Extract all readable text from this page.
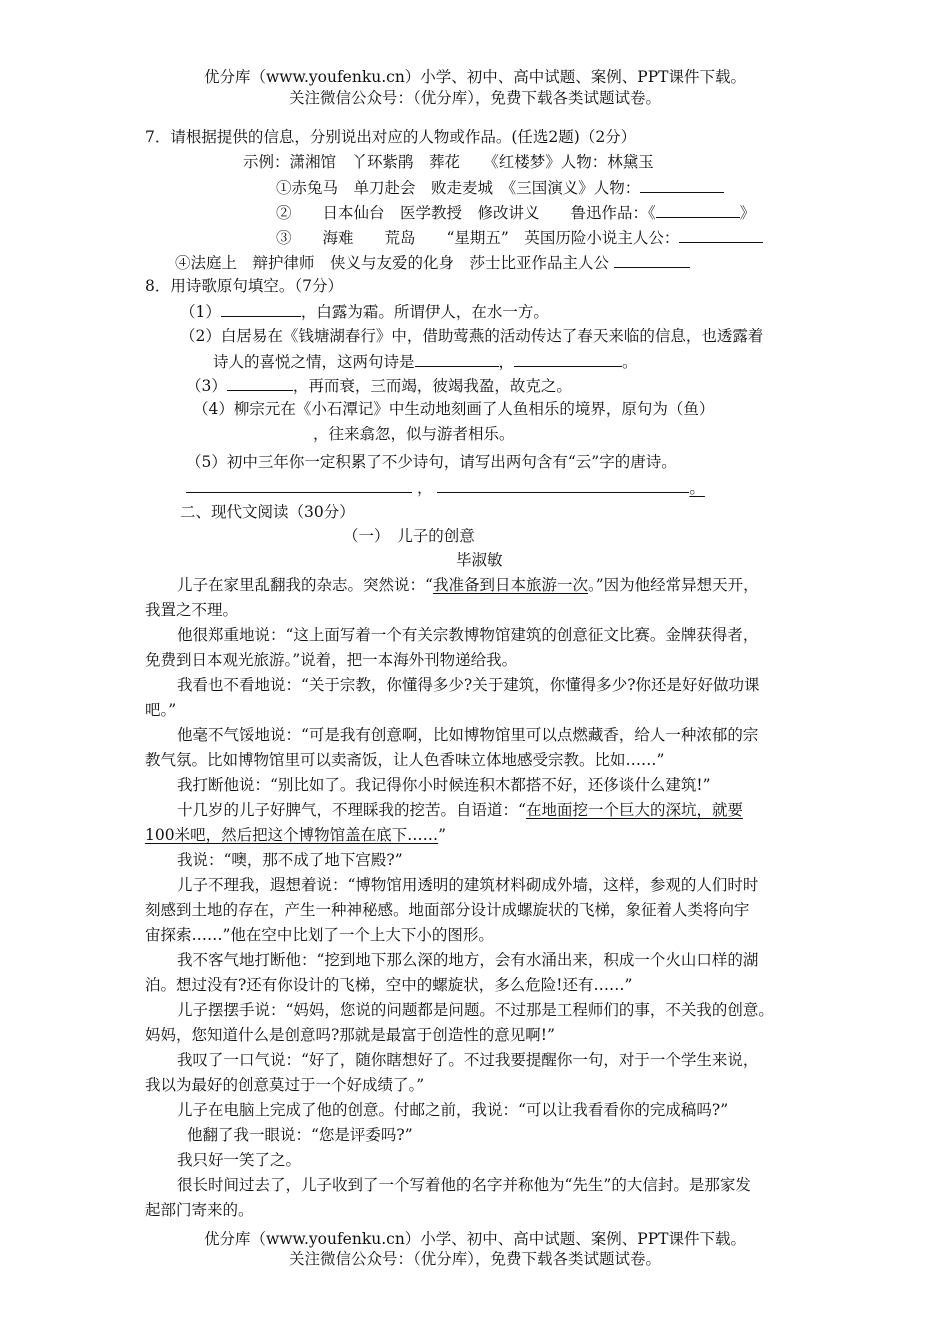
优分库（www.youfenku.cn）小学、初中、高中试题、案例、PPT课件下载。
关注微信公众号：（优分库），免费下载各类试题试卷。
7．请根据提供的信息，分别说出对应的人物或作品。(任选2题)（2分）
示例：潇湘馆　丫环紫鹃　葬花　　《红楼梦》人物：林黛玉
①赤兔马　单刀赴会　败走麦城　《三国演义》人物：
②　　日本仙台　医学教授　修改讲义　　鲁迅作品：《	》
③　　海难　　荒岛　　“星期五”　英国历险小说主人公：
④法庭上　辩护律师　侠义与友爱的化身　莎士比亚作品主人公
8．用诗歌原句填空。（7分）
（1）	，白露为霜。所谓伊人，在水一方。
（2）白居易在《钱塘湖春行》中，借助莺燕的活动传达了春天来临的信息，也透露着
诗人的喜悦之情，这两句诗是	，	。
（3）	，再而衰，三而竭，彼竭我盈，故克之。
（4）柳宗元在《小石潭记》中生动地刻画了人鱼相乐的境界，原句为（鱼）
，往来翕忽，似与游者相乐。
（5）初中三年你一定积累了不少诗句，请写出两句含有“云”字的唐诗。
，	。
二、现代文阅读（30分）
（一）　儿子的创意
毕淑敏
儿子在家里乱翻我的杂志。突然说：“我准备到日本旅游一次。”因为他经常异想天开，
我置之不理。
他很郑重地说：“这上面写着一个有关宗教博物馆建筑的创意征文比赛。金牌获得者，
免费到日本观光旅游。”说着，把一本海外刊物递给我。
我看也不看地说：“关于宗教，你懂得多少?关于建筑，你懂得多少?你还是好好做功课
吧。”
他毫不气馁地说：“可是我有创意啊，比如博物馆里可以点燃藏香，给人一种浓郁的宗
教气氛。比如博物馆里可以卖斋饭，让人色香味立体地感受宗教。比如……”
我打断他说：“别比如了。我记得你小时候连积木都搭不好，还侈谈什么建筑!”
十几岁的儿子好脾气，不理睬我的挖苦。自语道：“在地面挖一个巨大的深坑，就要
100米吧，然后把这个博物馆盖在底下……”
我说：“噢，那不成了地下宫殿?”
儿子不理我，遐想着说：“博物馆用透明的建筑材料砌成外墙，这样，参观的人们时时
刻感到土地的存在，产生一种神秘感。地面部分设计成螺旋状的飞梯，象征着人类将向宇
宙探索……”他在空中比划了一个上大下小的图形。
我不客气地打断他：“挖到地下那么深的地方，会有水涌出来，积成一个火山口样的湖
泊。想过没有?还有你设计的飞梯，空中的螺旋状，多么危险!还有……”
儿子摆摆手说：“妈妈，您说的问题都是问题。不过那是工程师们的事，不关我的创意。
妈妈，您知道什么是创意吗?那就是最富于创造性的意见啊!”
我叹了一口气说：“好了，随你瞎想好了。不过我要提醒你一句，对于一个学生来说，
我以为最好的创意莫过于一个好成绩了。”
儿子在电脑上完成了他的创意。付邮之前，我说：“可以让我看看你的完成稿吗?”
他翻了我一眼说：“您是评委吗?”
我只好一笑了之。
很长时间过去了，儿子收到了一个写着他的名字并称他为“先生”的大信封。是那家发
起部门寄来的。
优分库（www.youfenku.cn）小学、初中、高中试题、案例、PPT课件下载。
关注微信公众号：（优分库），免费下载各类试题试卷。
